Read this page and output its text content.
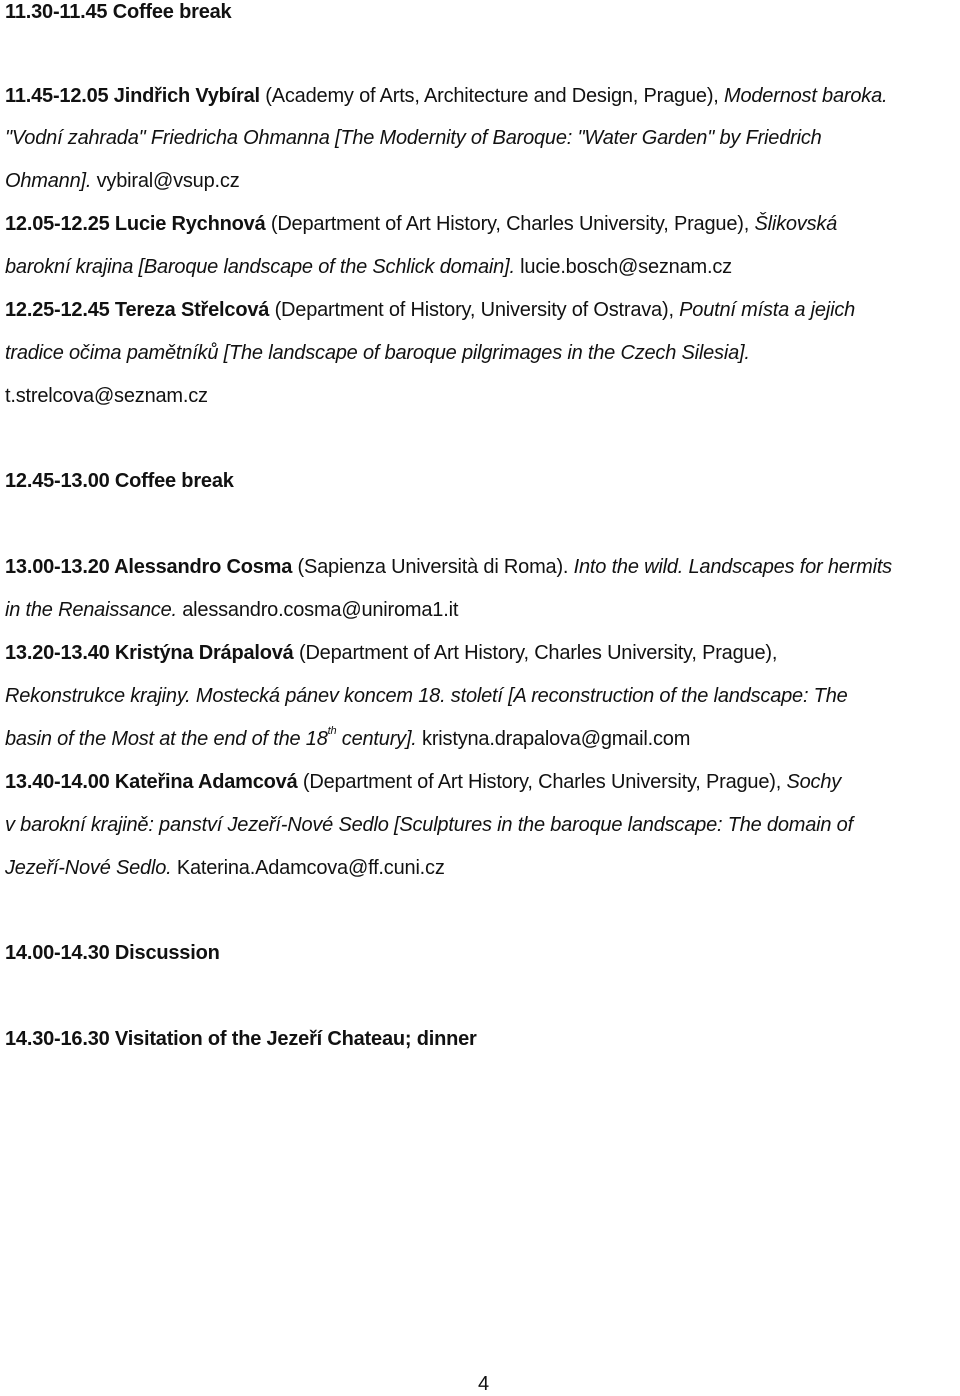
11.30-11.45 Coffee break
11.45-12.05 Jindřich Vybíral (Academy of Arts, Architecture and Design, Prague), Modernost baroka.
"Vodní zahrada" Friedricha Ohmanna [The Modernity of Baroque: "Water Garden" by Friedrich
Ohmann]. vybiral@vsup.cz
12.05-12.25 Lucie Rychnová (Department of Art History, Charles University, Prague), Šlikovská
barokní krajina [Baroque landscape of the Schlick domain]. lucie.bosch@seznam.cz
12.25-12.45 Tereza Střelcová (Department of History, University of Ostrava), Poutní místa a jejich
tradice očima pamětníků [The landscape of baroque pilgrimages in the Czech Silesia].
t.strelcova@seznam.cz
12.45-13.00 Coffee break
13.00-13.20 Alessandro Cosma (Sapienza Università di Roma). Into the wild. Landscapes for hermits
in the Renaissance. alessandro.cosma@uniroma1.it
13.20-13.40 Kristýna Drápalová (Department of Art History, Charles University, Prague),
Rekonstrukce krajiny. Mostecká pánev koncem 18. století [A reconstruction of the landscape: The
basin of the Most at the end of the 18th century]. kristyna.drapalova@gmail.com
13.40-14.00 Kateřina Adamcová (Department of Art History, Charles University, Prague), Sochy
v barokní krajině: panství Jezeří-Nové Sedlo [Sculptures in the baroque landscape: The domain of
Jezeří-Nové Sedlo. Katerina.Adamcova@ff.cuni.cz
14.00-14.30 Discussion
14.30-16.30 Visitation of the Jezeří Chateau; dinner
4
